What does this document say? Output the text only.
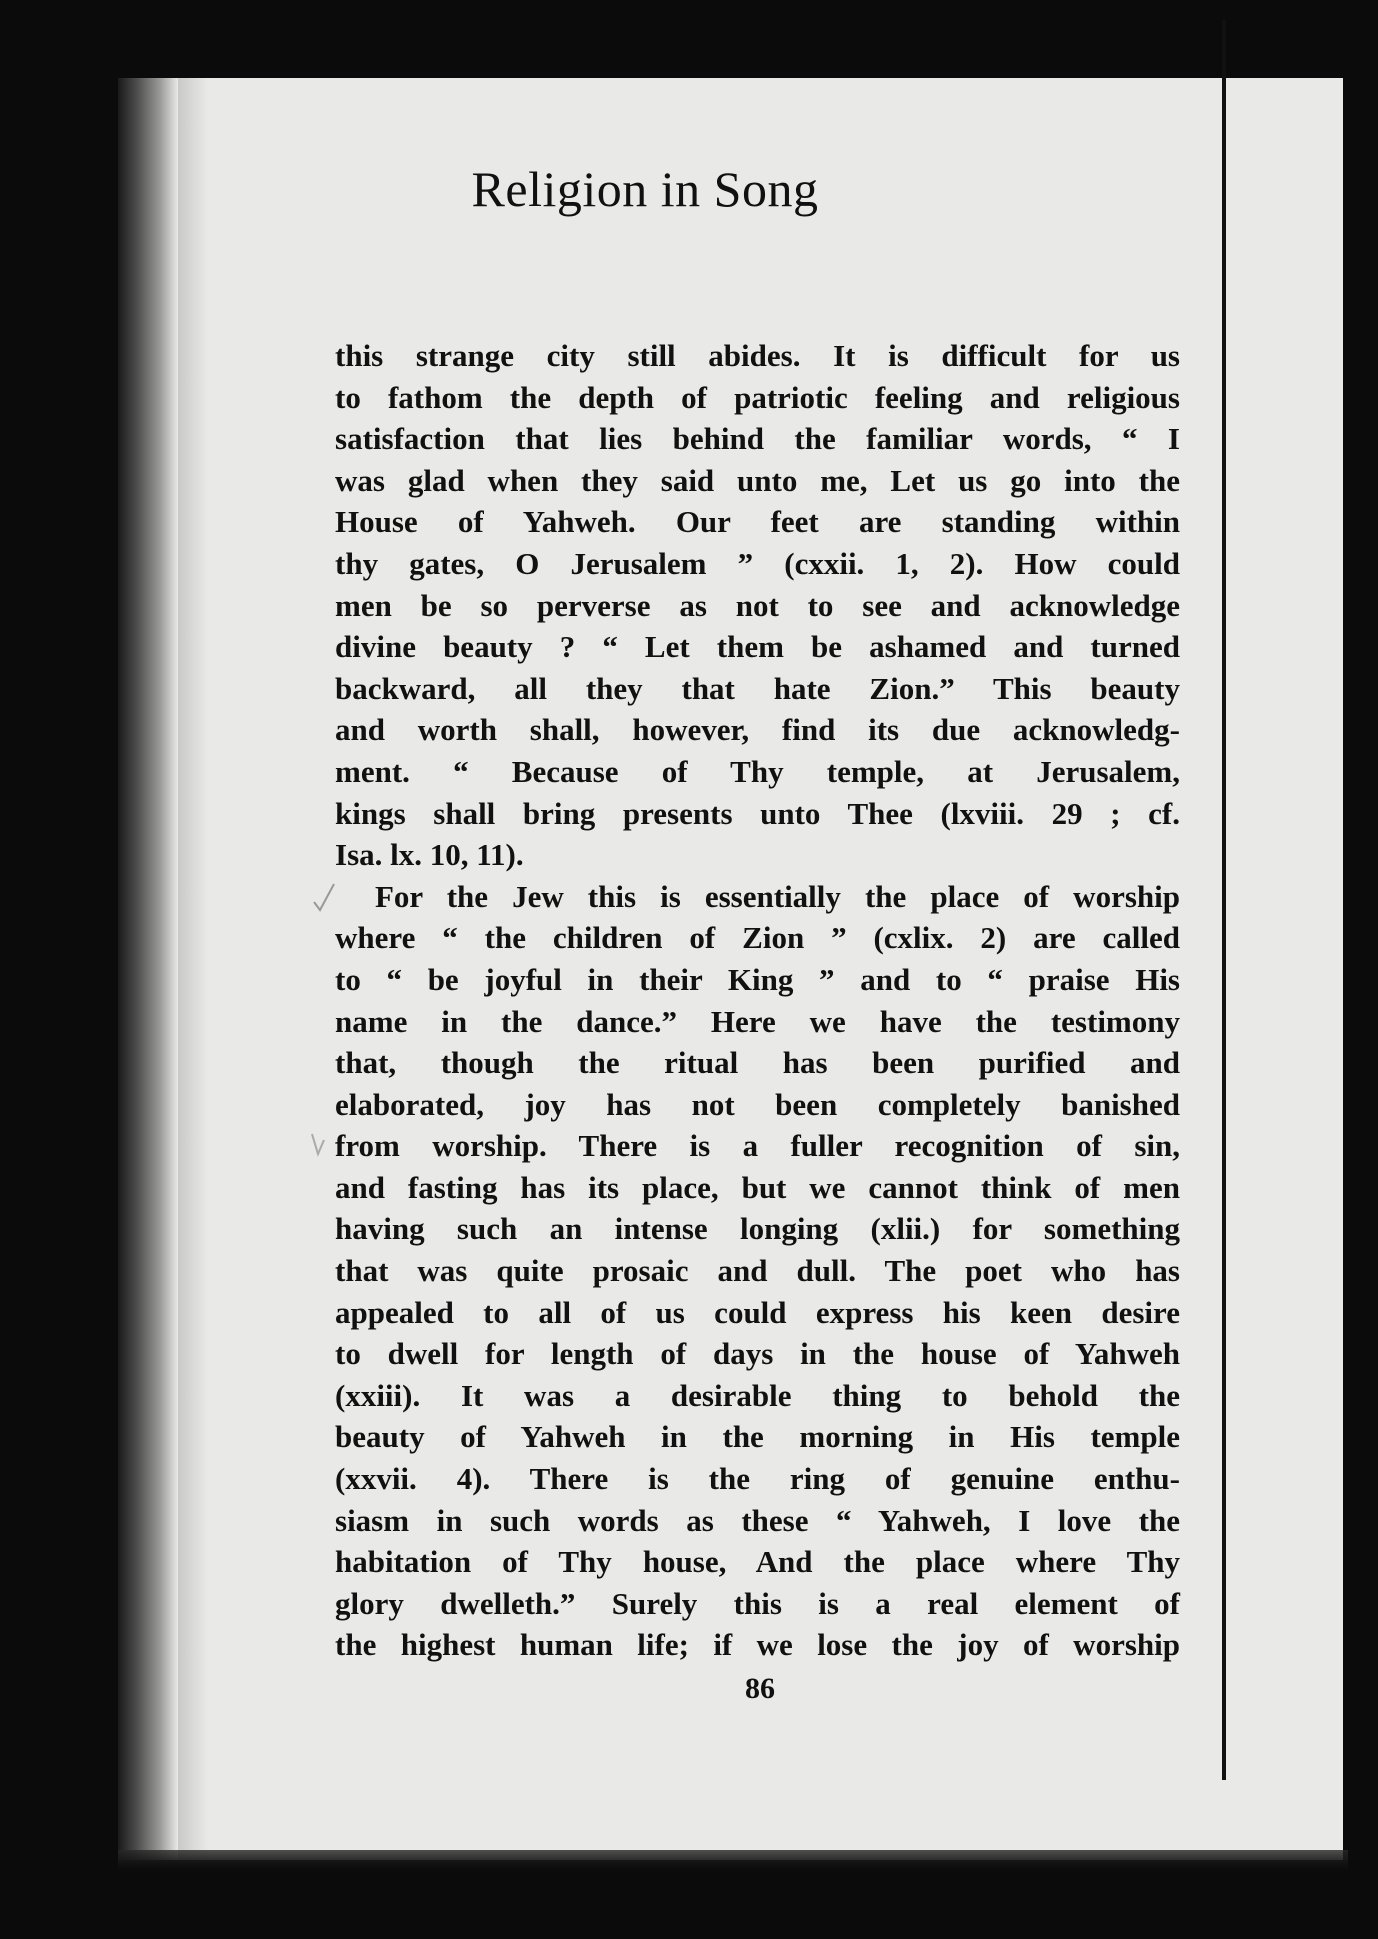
Religion in Song
this strange city still abides. It is difficult for us
to fathom the depth of patriotic feeling and religious
satisfaction that lies behind the familiar words, “ I
was glad when they said unto me, Let us go into the
House of Yahweh. Our feet are standing within
thy gates, O Jerusalem ” (cxxii. 1, 2). How could
men be so perverse as not to see and acknowledge
divine beauty ? “ Let them be ashamed and turned
backward, all they that hate Zion.” This beauty
and worth shall, however, find its due acknowledg-
ment. “ Because of Thy temple, at Jerusalem,
kings shall bring presents unto Thee (lxviii. 29 ; cf.
Isa. lx. 10, 11).
For the Jew this is essentially the place of worship
where “ the children of Zion ” (cxlix. 2) are called
to “ be joyful in their King ” and to “ praise His
name in the dance.” Here we have the testimony
that, though the ritual has been purified and
elaborated, joy has not been completely banished
from worship. There is a fuller recognition of sin,
and fasting has its place, but we cannot think of men
having such an intense longing (xlii.) for something
that was quite prosaic and dull. The poet who has
appealed to all of us could express his keen desire
to dwell for length of days in the house of Yahweh
(xxiii). It was a desirable thing to behold the
beauty of Yahweh in the morning in His temple
(xxvii. 4). There is the ring of genuine enthu-
siasm in such words as these “ Yahweh, I love the
habitation of Thy house, And the place where Thy
glory dwelleth.” Surely this is a real element of
the highest human life; if we lose the joy of worship
86
